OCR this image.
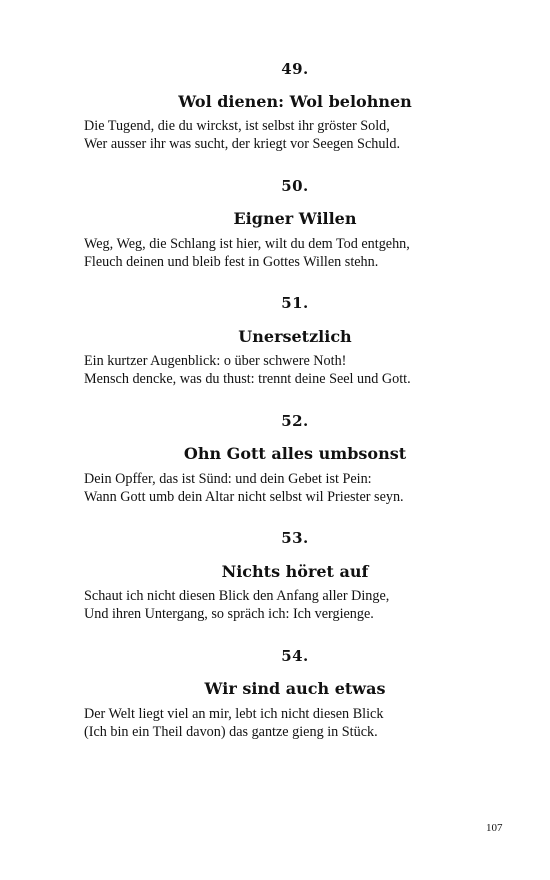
49.
Wol dienen: Wol belohnen
Die Tugend, die du wirckst, ist selbst ihr gröster Sold,
Wer ausser ihr was sucht, der kriegt vor Seegen Schuld.
50.
Eigner Willen
Weg, Weg, die Schlang ist hier, wilt du dem Tod entgehn,
Fleuch deinen und bleib fest in Gottes Willen stehn.
51.
Unersetzlich
Ein kurtzer Augenblick: o über schwere Noth!
Mensch dencke, was du thust: trennt deine Seel und Gott.
52.
Ohn Gott alles umbsonst
Dein Opffer, das ist Sünd: und dein Gebet ist Pein:
Wann Gott umb dein Altar nicht selbst wil Priester seyn.
53.
Nichts höret auf
Schaut ich nicht diesen Blick den Anfang aller Dinge,
Und ihren Untergang, so spräch ich: Ich vergienge.
54.
Wir sind auch etwas
Der Welt liegt viel an mir, lebt ich nicht diesen Blick
(Ich bin ein Theil davon) das gantze gieng in Stück.
107
